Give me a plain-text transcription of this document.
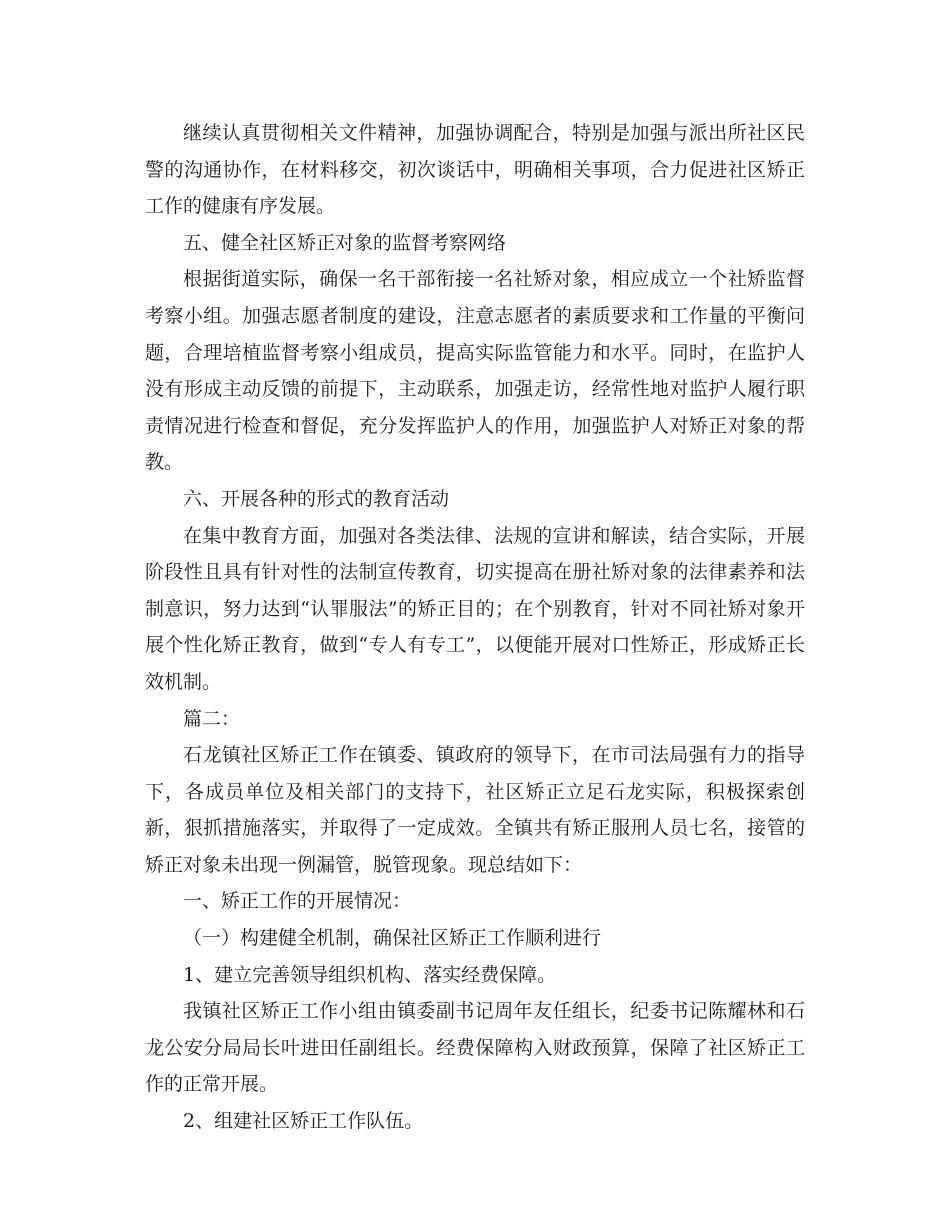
继续认真贯彻相关文件精神，加强协调配合，特别是加强与派出所社区民警的沟通协作，在材料移交，初次谈话中，明确相关事项，合力促进社区矫正工作的健康有序发展。

五、健全社区矫正对象的监督考察网络

根据街道实际，确保一名干部衔接一名社矫对象，相应成立一个社矫监督考察小组。加强志愿者制度的建设，注意志愿者的素质要求和工作量的平衡问题，合理培植监督考察小组成员，提高实际监管能力和水平。同时，在监护人没有形成主动反馈的前提下，主动联系，加强走访，经常性地对监护人履行职责情况进行检查和督促，充分发挥监护人的作用，加强监护人对矫正对象的帮教。

六、开展各种的形式的教育活动

在集中教育方面，加强对各类法律、法规的宣讲和解读，结合实际，开展阶段性且具有针对性的法制宣传教育，切实提高在册社矫对象的法律素养和法制意识，努力达到“认罪服法”的矫正目的；在个别教育，针对不同社矫对象开展个性化矫正教育，做到“专人有专工”，以便能开展对口性矫正，形成矫正长效机制。

篇二：

石龙镇社区矫正工作在镇委、镇政府的领导下，在市司法局强有力的指导下，各成员单位及相关部门的支持下，社区矫正立足石龙实际，积极探索创新，狠抓措施落实，并取得了一定成效。全镇共有矫正服刑人员七名，接管的矫正对象未出现一例漏管，脱管现象。现总结如下：

一、矫正工作的开展情况：

（一）构建健全机制，确保社区矫正工作顺利进行

1、建立完善领导组织机构、落实经费保障。

我镇社区矫正工作小组由镇委副书记周年友任组长，纪委书记陈耀林和石龙公安分局局长叶进田任副组长。经费保障构入财政预算，保障了社区矫正工作的正常开展。

2、组建社区矫正工作队伍。
